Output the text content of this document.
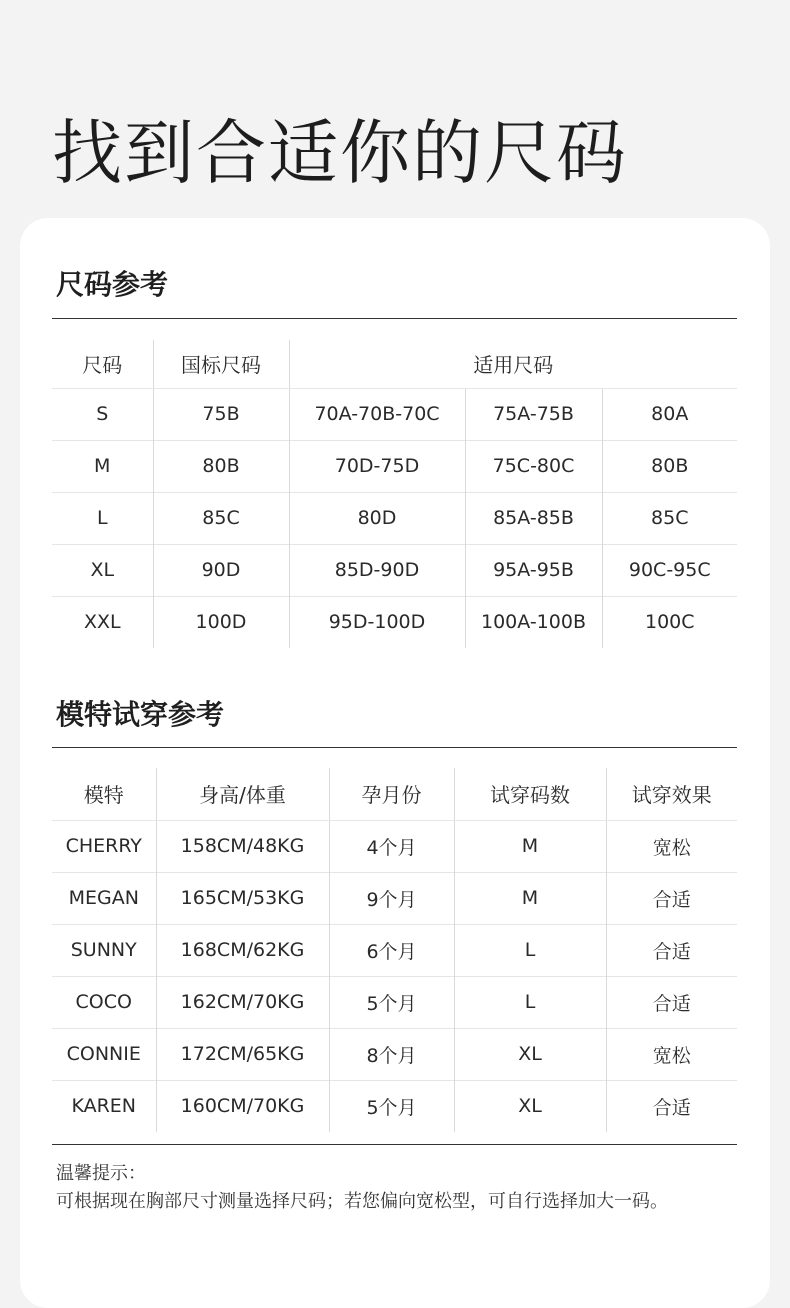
找到合适你的尺码
尺码参考
尺码	国标尺码	适用尺码		
S	75B	70A-70B-70C	75A-75B	80A
M	80B	70D-75D	75C-80C	80B
L	85C	80D	85A-85B	85C
XL	90D	85D-90D	95A-95B	90C-95C
XXL	100D	95D-100D	100A-100B	100C
模特试穿参考
模特	身高/体重	孕月份	试穿码数	试穿效果
CHERRY	158CM/48KG	4个月	M	宽松
MEGAN	165CM/53KG	9个月	M	合适
SUNNY	168CM/62KG	6个月	L	合适
COCO	162CM/70KG	5个月	L	合适
CONNIE	172CM/65KG	8个月	XL	宽松
KAREN	160CM/70KG	5个月	XL	合适
温馨提示：
可根据现在胸部尺寸测量选择尺码；若您偏向宽松型，可自行选择加大一码。
